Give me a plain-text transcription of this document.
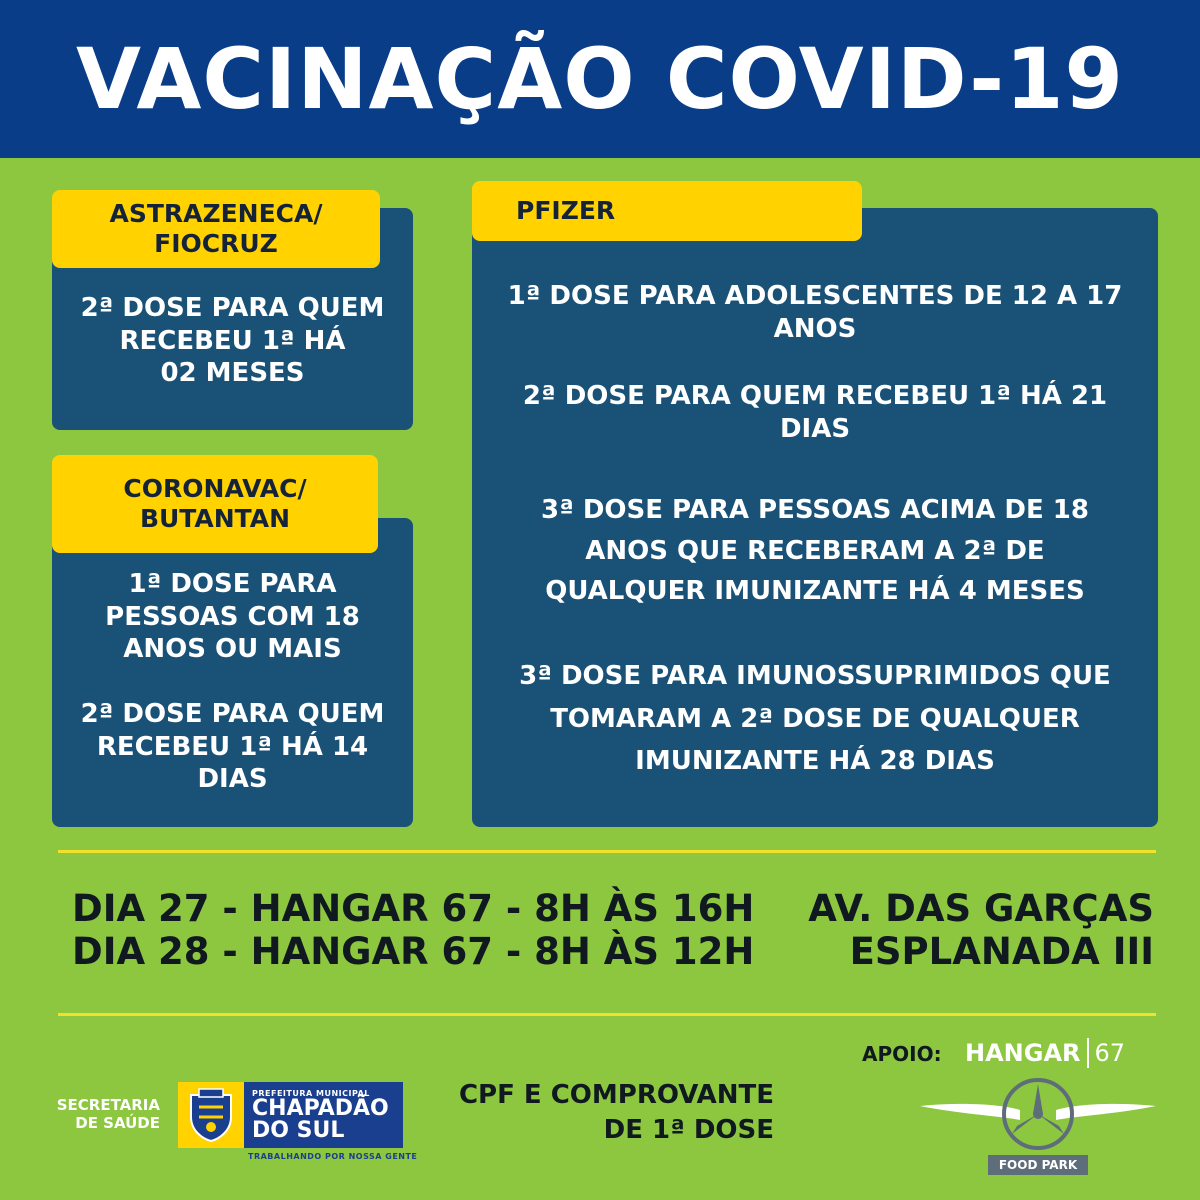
VACINAÇÃO COVID-19

2ª DOSE PARA QUEM

RECEBEU 1ª HÁ

02 MESES

ASTRAZENECA/
FIOCRUZ

1ª DOSE PARA

PESSOAS COM 18

ANOS OU MAIS

2ª DOSE PARA QUEM

RECEBEU 1ª HÁ 14

DIAS

CORONAVAC/
BUTANTAN

1ª DOSE PARA ADOLESCENTES DE 12 A 17

ANOS

2ª DOSE PARA QUEM RECEBEU 1ª HÁ 21

DIAS

3ª DOSE PARA PESSOAS ACIMA DE 18

ANOS QUE RECEBERAM A 2ª DE

QUALQUER IMUNIZANTE HÁ 4 MESES

3ª DOSE PARA IMUNOSSUPRIMIDOS QUE

TOMARAM A 2ª DOSE DE QUALQUER

IMUNIZANTE HÁ 28 DIAS

PFIZER
DIA 27 - HANGAR 67 - 8H ÀS 16H
DIA 28 - HANGAR 67 - 8H ÀS 12H
AV. DAS GARÇAS
ESPLANADA III
CPF E COMPROVANTE
DE 1ª DOSE
SECRETARIA
DE SAÚDE
PREFEITURA MUNICIPAL
CHAPADÃO
DO SUL
TRABALHANDO POR NOSSA GENTE
APOIO: HANGAR 67
FOOD PARK
